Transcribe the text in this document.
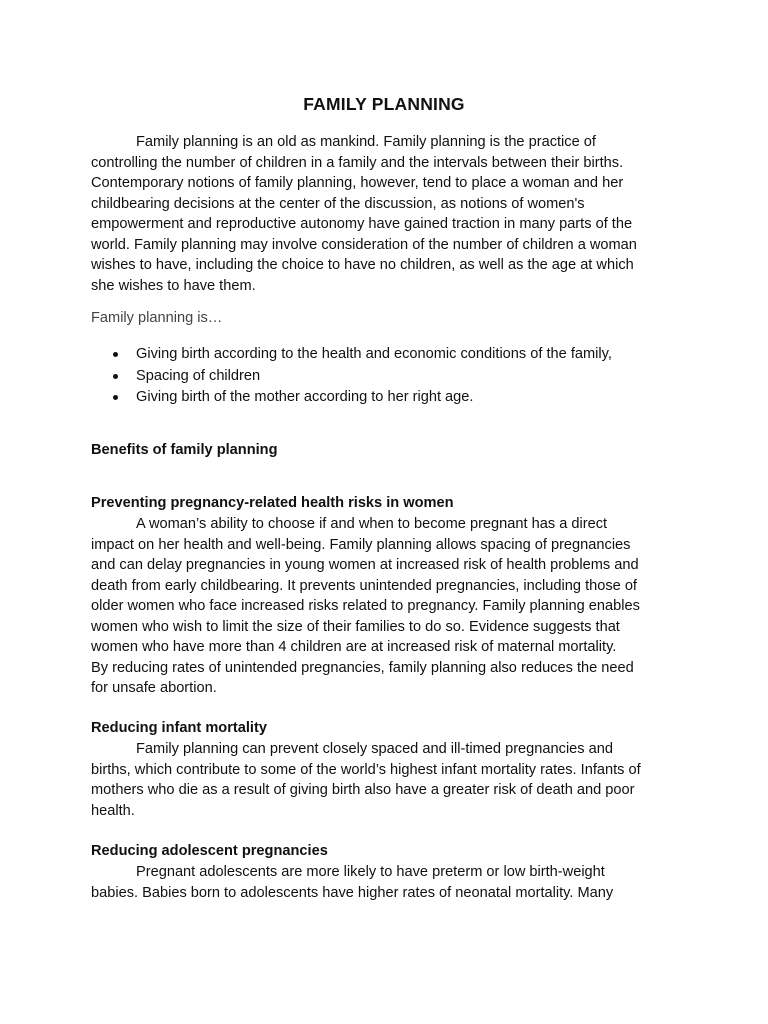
FAMILY PLANNING

Family planning is an old as mankind. Family planning is the practice of
controlling the number of children in a family and the intervals between their births.
Contemporary notions of family planning, however, tend to place a woman and her
childbearing decisions at the center of the discussion, as notions of women's
empowerment and reproductive autonomy have gained traction in many parts of the
world. Family planning may involve consideration of the number of children a woman
wishes to have, including the choice to have no children, as well as the age at which
she wishes to have them.

Family planning is…

Giving birth according to the health and economic conditions of the family,
Spacing of children
Giving birth of the mother according to her right age.
Benefits of family planning
Preventing pregnancy-related health risks in women

A woman’s ability to choose if and when to become pregnant has a direct
impact on her health and well-being. Family planning allows spacing of pregnancies
and can delay pregnancies in young women at increased risk of health problems and
death from early childbearing. It prevents unintended pregnancies, including those of
older women who face increased risks related to pregnancy. Family planning enables
women who wish to limit the size of their families to do so. Evidence suggests that
women who have more than 4 children are at increased risk of maternal mortality.
By reducing rates of unintended pregnancies, family planning also reduces the need
for unsafe abortion.

Reducing infant mortality

Family planning can prevent closely spaced and ill-timed pregnancies and
births, which contribute to some of the world’s highest infant mortality rates. Infants of
mothers who die as a result of giving birth also have a greater risk of death and poor
health.

Reducing adolescent pregnancies

Pregnant adolescents are more likely to have preterm or low birth-weight
babies. Babies born to adolescents have higher rates of neonatal mortality. Many
